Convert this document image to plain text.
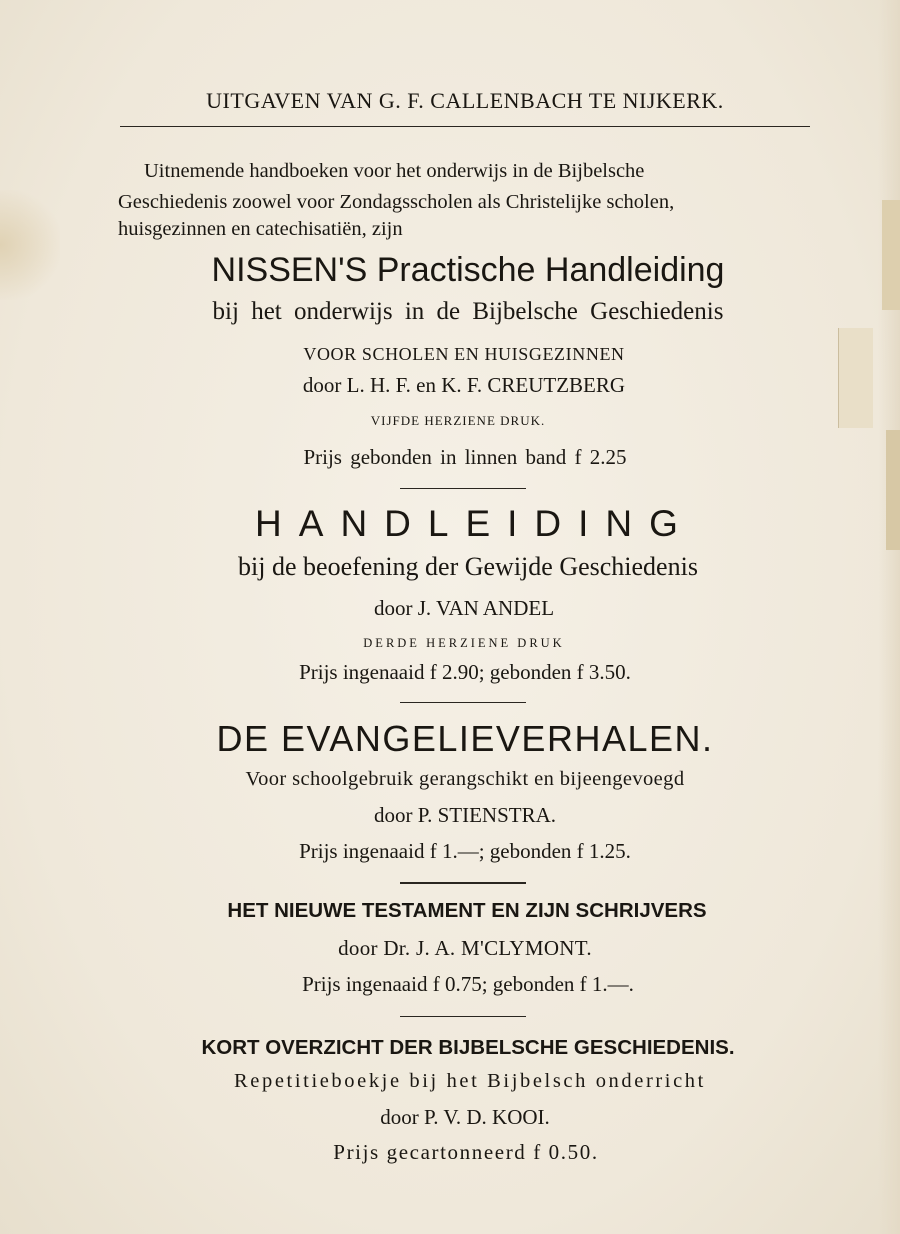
UITGAVEN VAN G. F. CALLENBACH TE NIJKERK.
Uitnemende handboeken voor het onderwijs in de Bijbelsche
Geschiedenis zoowel voor Zondagsscholen als Christelijke scholen,
huisgezinnen en catechisatiën, zijn
NISSEN'S Practische Handleiding
bij het onderwijs in de Bijbelsche Geschiedenis
VOOR SCHOLEN EN HUISGEZINNEN
door L. H. F. en K. F. CREUTZBERG
VIJFDE HERZIENE DRUK.
Prijs gebonden in linnen band f 2.25
HANDLEIDING
bij de beoefening der Gewijde Geschiedenis
door J. VAN ANDEL
DERDE HERZIENE DRUK
Prijs ingenaaid f 2.90; gebonden f 3.50.
DE EVANGELIEVERHALEN.
Voor schoolgebruik gerangschikt en bijeengevoegd
door P. STIENSTRA.
Prijs ingenaaid f 1.—; gebonden f 1.25.
HET NIEUWE TESTAMENT EN ZIJN SCHRIJVERS
door Dr. J. A. M'CLYMONT.
Prijs ingenaaid f 0.75; gebonden f 1.—.
KORT OVERZICHT DER BIJBELSCHE GESCHIEDENIS.
Repetitieboekje bij het Bijbelsch onderricht
door P. V. D. KOOI.
Prijs gecartonneerd f 0.50.
